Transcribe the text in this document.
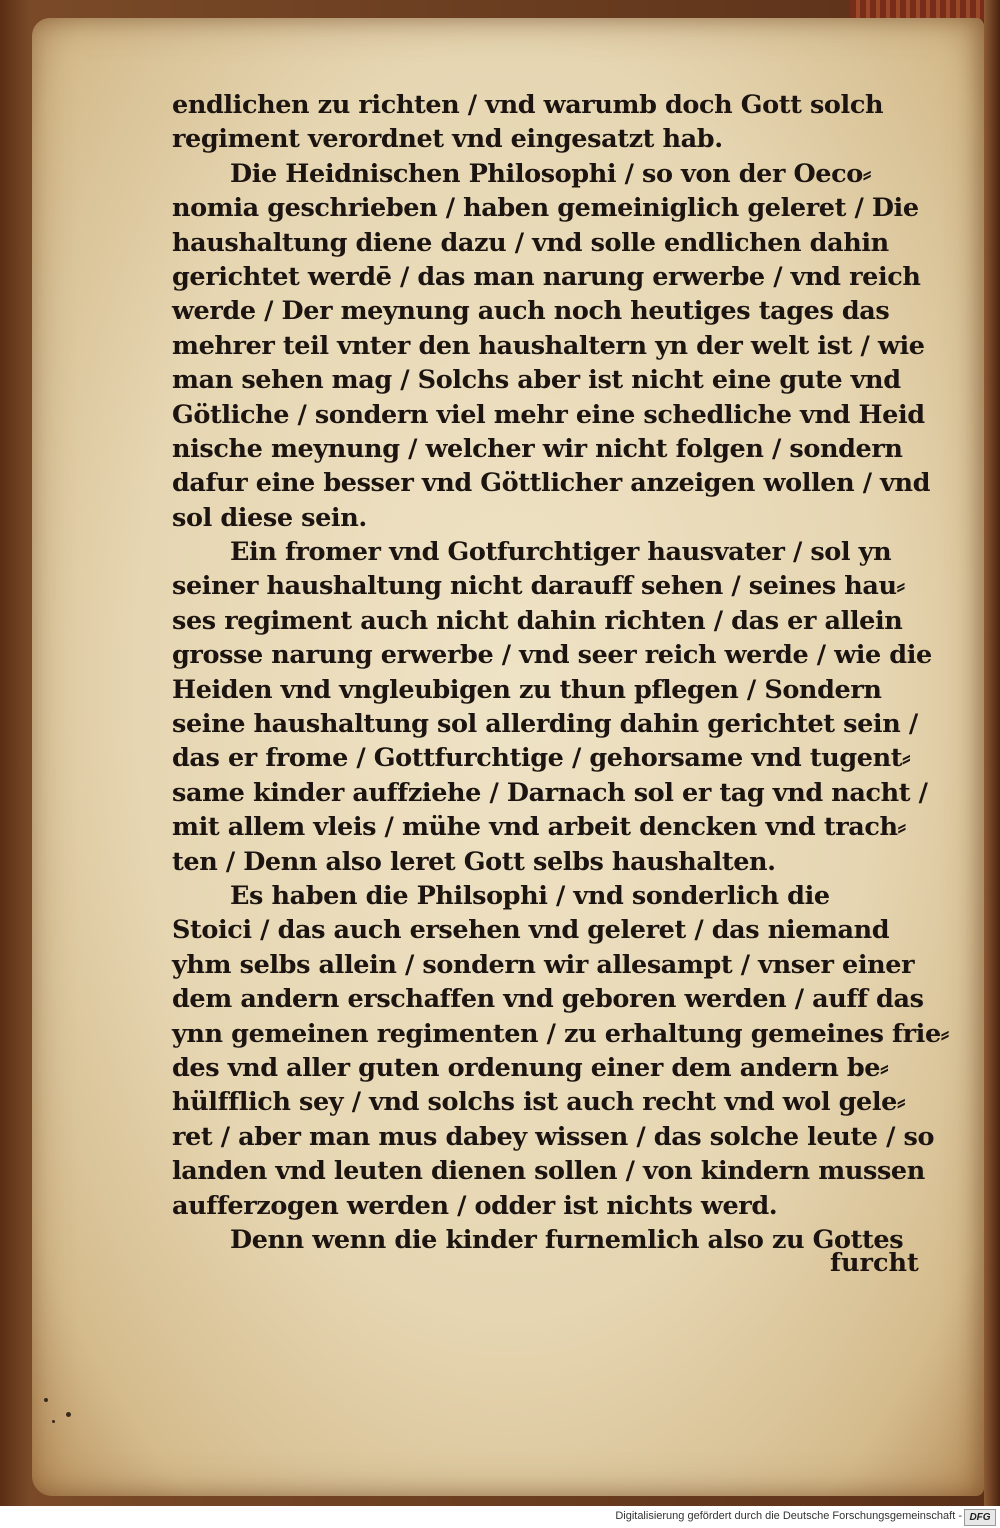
endlichen zu richten / vnd warumb doch Gott solch
regiment verordnet vnd eingesatzt hab.
Die Heidnischen Philosophi / so von der Oeco⸗
nomia geschrieben / haben gemeiniglich geleret / Die
haushaltung diene dazu / vnd solle endlichen dahin
gerichtet werdē / das man narung erwerbe / vnd reich
werde / Der meynung auch noch heutiges tages das
mehrer teil vnter den haushaltern yn der welt ist / wie
man sehen mag / Solchs aber ist nicht eine gute vnd
Götliche / sondern viel mehr eine schedliche vnd Heid
nische meynung / welcher wir nicht folgen / sondern
dafur eine besser vnd Göttlicher anzeigen wollen / vnd
sol diese sein.
Ein fromer vnd Gotfurchtiger hausvater / sol yn
seiner haushaltung nicht darauff sehen / seines hau⸗
ses regiment auch nicht dahin richten / das er allein
grosse narung erwerbe / vnd seer reich werde / wie die
Heiden vnd vngleubigen zu thun pflegen / Sondern
seine haushaltung sol allerding dahin gerichtet sein /
das er frome / Gottfurchtige / gehorsame vnd tugent⸗
same kinder auffziehe / Darnach sol er tag vnd nacht /
mit allem vleis / mühe vnd arbeit dencken vnd trach⸗
ten / Denn also leret Gott selbs haushalten.
Es haben die Philsophi / vnd sonderlich die
Stoici / das auch ersehen vnd geleret / das niemand
yhm selbs allein / sondern wir allesampt / vnser einer
dem andern erschaffen vnd geboren werden / auff das
ynn gemeinen regimenten / zu erhaltung gemeines frie⸗
des vnd aller guten ordenung einer dem andern be⸗
hülfflich sey / vnd solchs ist auch recht vnd wol gele⸗
ret / aber man mus dabey wissen / das solche leute / so
landen vnd leuten dienen sollen / von kindern mussen
aufferzogen werden / odder ist nichts werd.
Denn wenn die kinder furnemlich also zu Gottes
furcht
Digitalisierung gefördert durch die Deutsche Forschungsgemeinschaft - DFG
